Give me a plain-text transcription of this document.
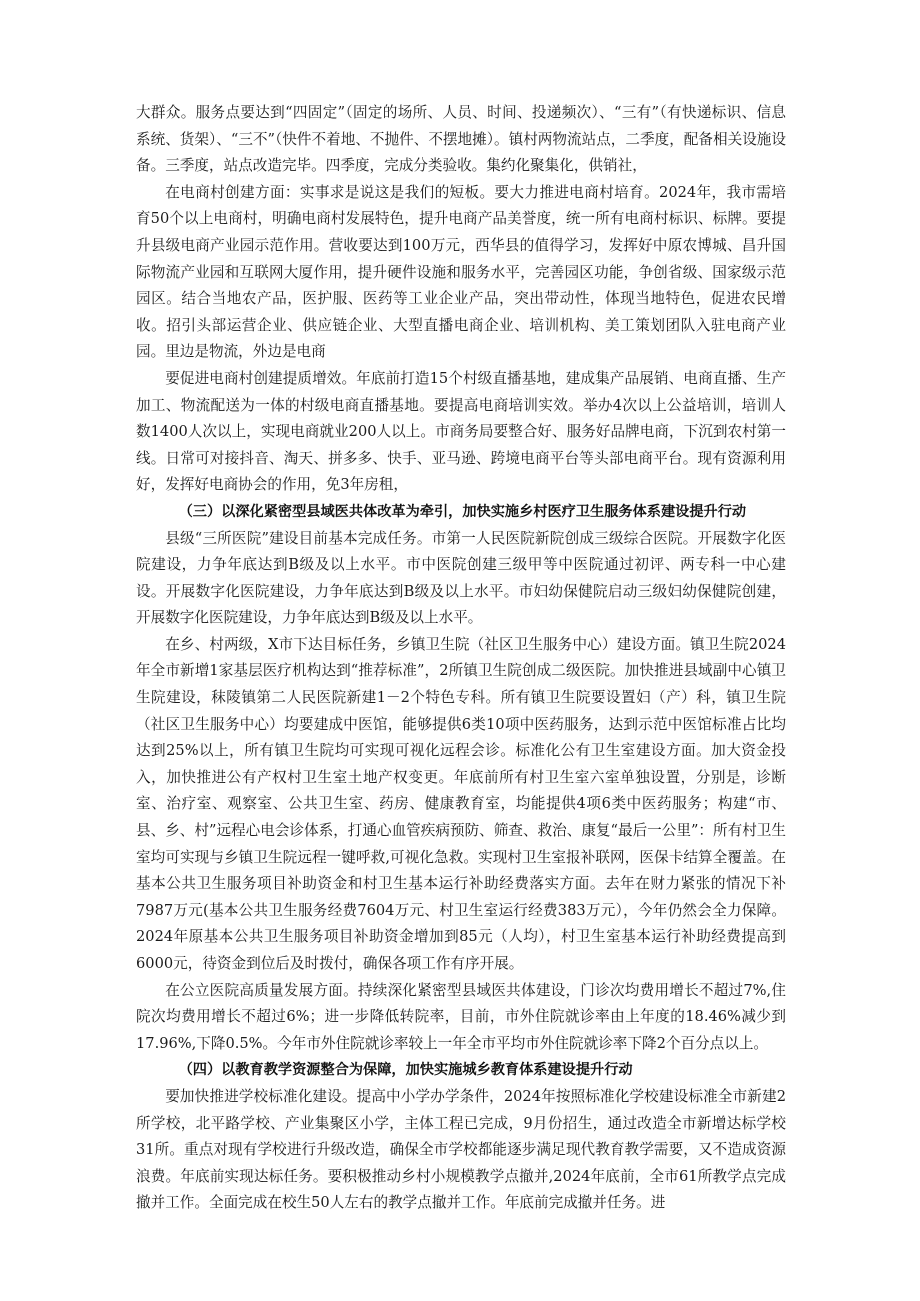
大群众。服务点要达到“四固定”（固定的场所、人员、时间、投递频次）、“三有”（有快递标识、信息系统、货架）、“三不”（快件不着地、不抛件、不摆地摊）。镇村两物流站点，二季度，配备相关设施设备。三季度，站点改造完毕。四季度，完成分类验收。集约化聚集化，供销社，

在电商村创建方面：实事求是说这是我们的短板。要大力推进电商村培育。2024年，我市需培育50个以上电商村，明确电商村发展特色，提升电商产品美誉度，统一所有电商村标识、标牌。要提升县级电商产业园示范作用。营收要达到100万元，西华县的值得学习，发挥好中原农博城、昌升国际物流产业园和互联网大厦作用，提升硬件设施和服务水平，完善园区功能，争创省级、国家级示范园区。结合当地农产品，医护服、医药等工业企业产品，突出带动性，体现当地特色，促进农民增收。招引头部运营企业、供应链企业、大型直播电商企业、培训机构、美工策划团队入驻电商产业园。里边是物流，外边是电商

要促进电商村创建提质增效。年底前打造15个村级直播基地，建成集产品展销、电商直播、生产加工、物流配送为一体的村级电商直播基地。要提高电商培训实效。举办4次以上公益培训，培训人数1400人次以上，实现电商就业200人以上。市商务局要整合好、服务好品牌电商，下沉到农村第一线。日常可对接抖音、淘天、拼多多、快手、亚马逊、跨境电商平台等头部电商平台。现有资源利用好，发挥好电商协会的作用，免3年房租，

（三）以深化紧密型县域医共体改革为牵引，加快实施乡村医疗卫生服务体系建设提升行动

县级“三所医院”建设目前基本完成任务。市第一人民医院新院创成三级综合医院。开展数字化医院建设，力争年底达到B级及以上水平。市中医院创建三级甲等中医院通过初评、两专科一中心建设。开展数字化医院建设，力争年底达到B级及以上水平。市妇幼保健院启动三级妇幼保健院创建，开展数字化医院建设，力争年底达到B级及以上水平。

在乡、村两级，X市下达目标任务，乡镇卫生院（社区卫生服务中心）建设方面。镇卫生院2024年全市新增1家基层医疗机构达到“推荐标准”，2所镇卫生院创成二级医院。加快推进县域副中心镇卫生院建设，秣陵镇第二人民医院新建1－2个特色专科。所有镇卫生院要设置妇（产）科，镇卫生院（社区卫生服务中心）均要建成中医馆，能够提供6类10项中医药服务，达到示范中医馆标准占比均达到25%以上，所有镇卫生院均可实现可视化远程会诊。标准化公有卫生室建设方面。加大资金投入，加快推进公有产权村卫生室土地产权变更。年底前所有村卫生室六室单独设置，分别是，诊断室、治疗室、观察室、公共卫生室、药房、健康教育室，均能提供4项6类中医药服务；构建“市、县、乡、村”远程心电会诊体系，打通心血管疾病预防、筛查、救治、康复“最后一公里”：所有村卫生室均可实现与乡镇卫生院远程一键呼救,可视化急救。实现村卫生室报补联网，医保卡结算全覆盖。在基本公共卫生服务项目补助资金和村卫生基本运行补助经费落实方面。去年在财力紧张的情况下补7987万元(基本公共卫生服务经费7604万元、村卫生室运行经费383万元），今年仍然会全力保障。2024年原基本公共卫生服务项目补助资金增加到85元（人均），村卫生室基本运行补助经费提高到6000元，待资金到位后及时拨付，确保各项工作有序开展。

在公立医院高质量发展方面。持续深化紧密型县域医共体建设，门诊次均费用增长不超过7%,住院次均费用增长不超过6%；进一步降低转院率，目前，市外住院就诊率由上年度的18.46%减少到17.96%,下降0.5%。今年市外住院就诊率较上一年全市平均市外住院就诊率下降2个百分点以上。

（四）以教育教学资源整合为保障，加快实施城乡教育体系建设提升行动

要加快推进学校标准化建设。提高中小学办学条件，2024年按照标准化学校建设标准全市新建2所学校，北平路学校、产业集聚区小学，主体工程已完成，9月份招生，通过改造全市新增达标学校31所。重点对现有学校进行升级改造，确保全市学校都能逐步满足现代教育教学需要，又不造成资源浪费。年底前实现达标任务。要积极推动乡村小规模教学点撤并,2024年底前，全市61所教学点完成撤并工作。全面完成在校生50人左右的教学点撤并工作。年底前完成撤并任务。进
